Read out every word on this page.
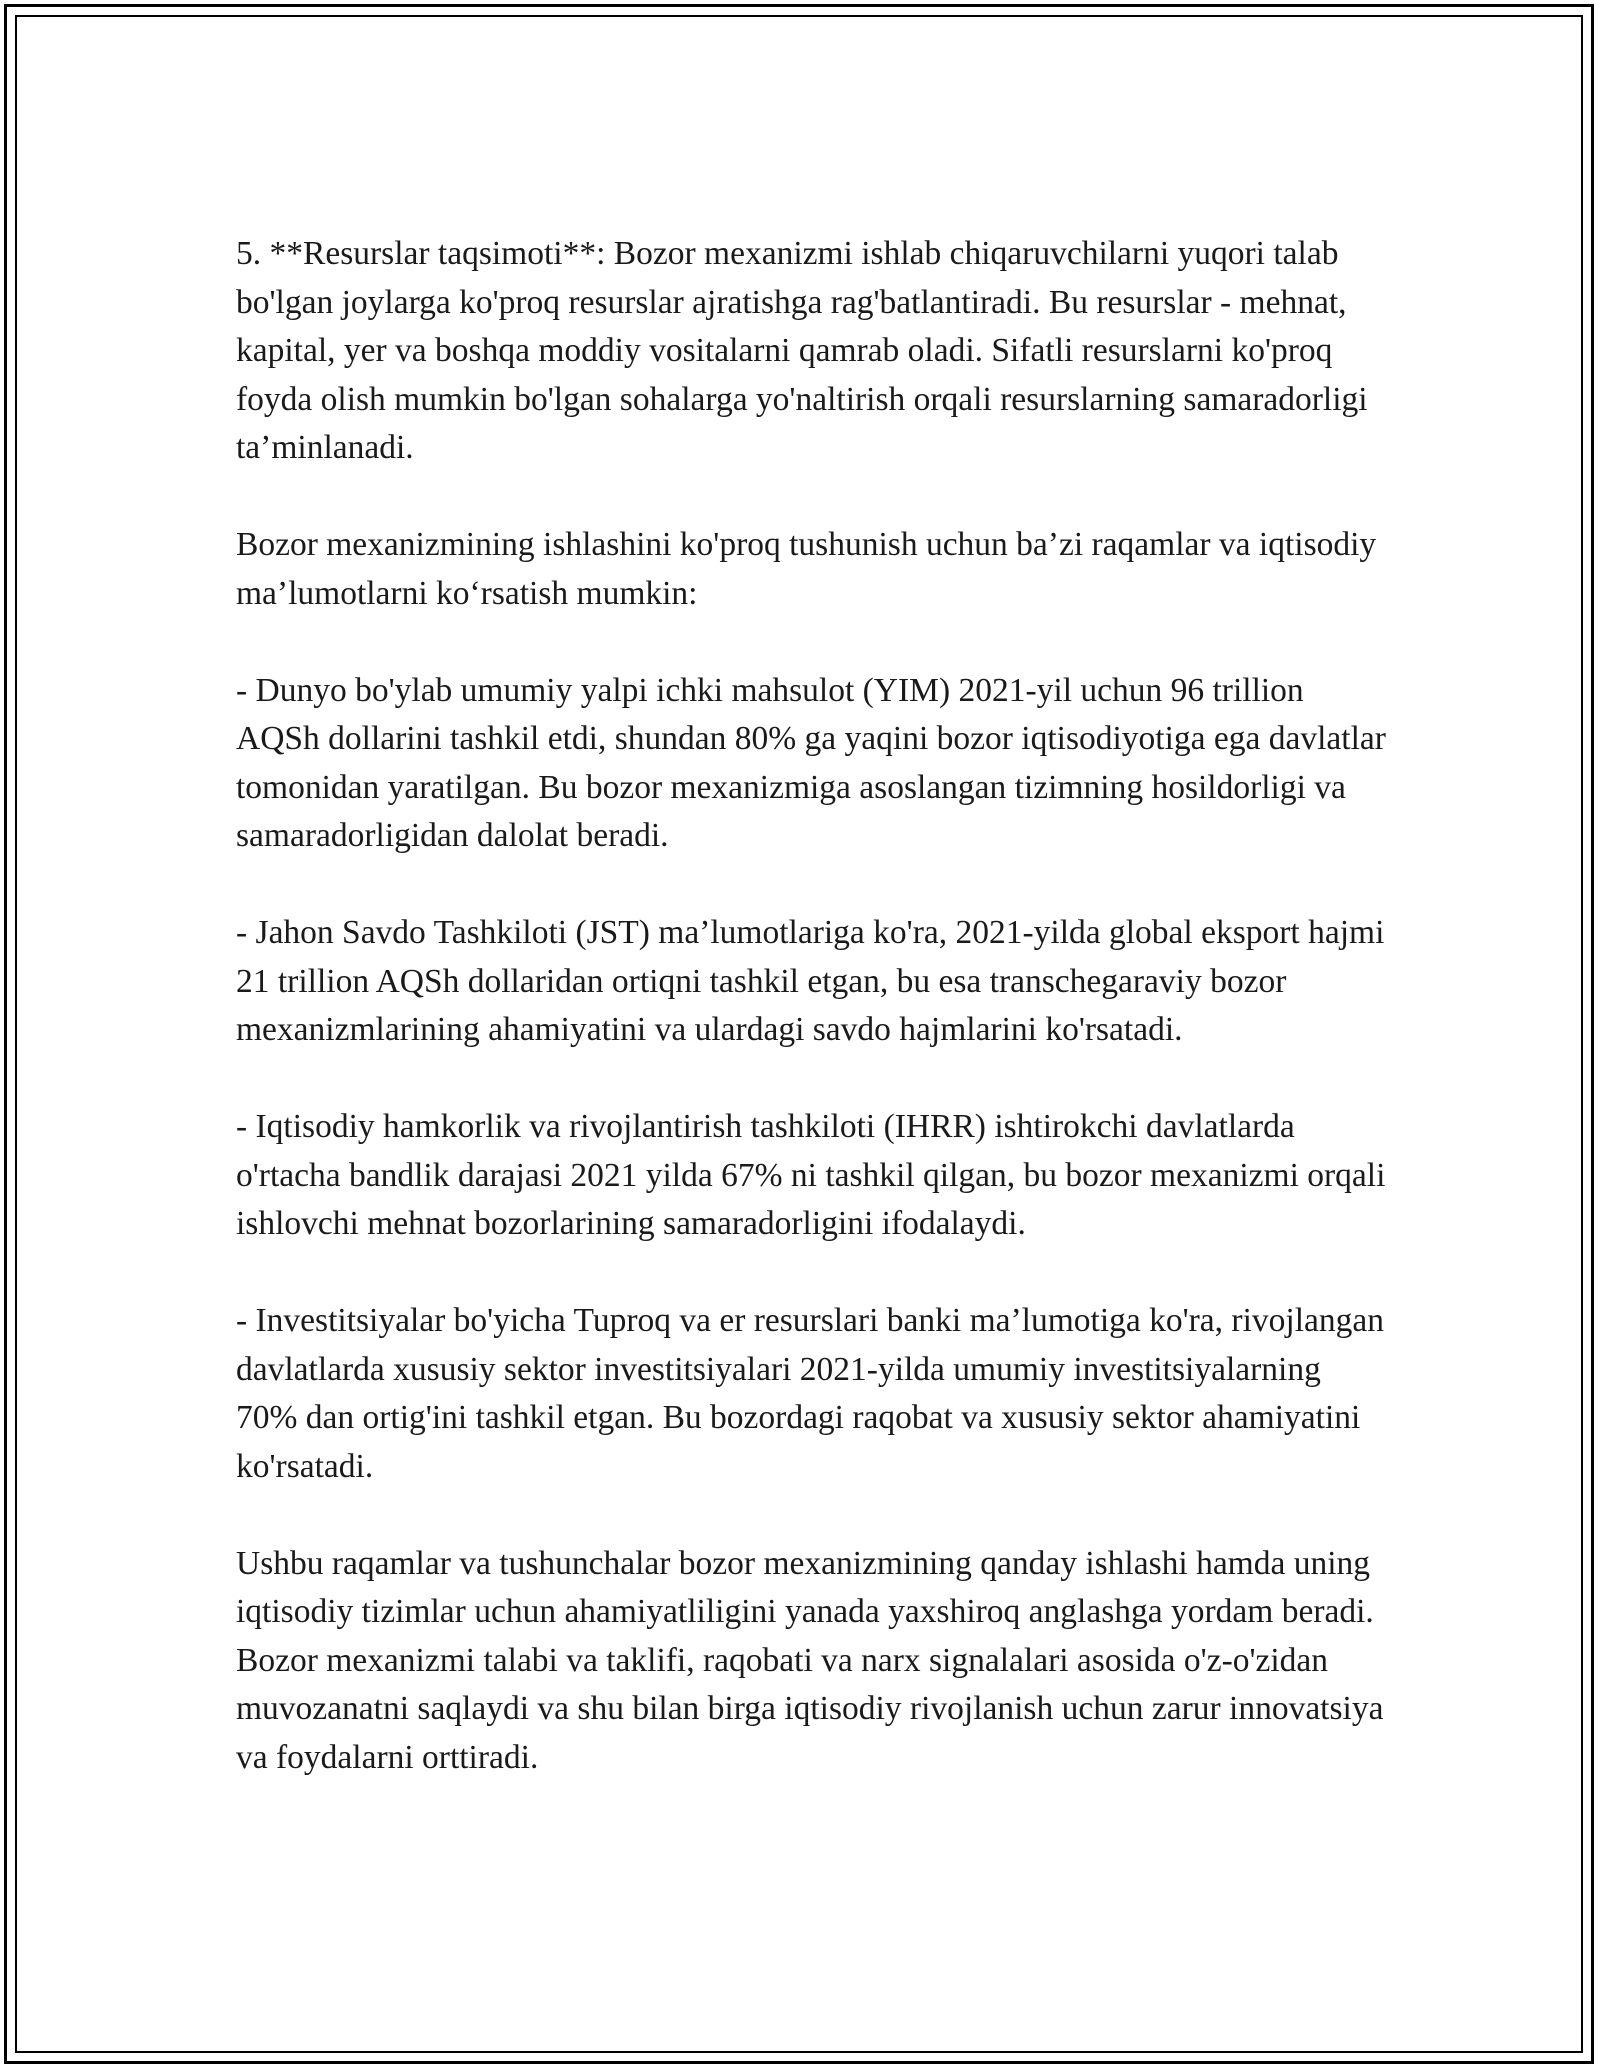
5. **Resurslar taqsimoti**: Bozor mexanizmi ishlab chiqaruvchilarni yuqori talab bo'lgan joylarga ko'proq resurslar ajratishga rag'batlantiradi. Bu resurslar - mehnat, kapital, yer va boshqa moddiy vositalarni qamrab oladi. Sifatli resurslarni ko'proq foyda olish mumkin bo'lgan sohalarga yo'naltirish orqali resurslarning samaradorligi ta’minlanadi.

Bozor mexanizmining ishlashini ko'proq tushunish uchun ba’zi raqamlar va iqtisodiy ma’lumotlarni ko‘rsatish mumkin:

- Dunyo bo'ylab umumiy yalpi ichki mahsulot (YIM) 2021-yil uchun 96 trillion AQSh dollarini tashkil etdi, shundan 80% ga yaqini bozor iqtisodiyotiga ega davlatlar tomonidan yaratilgan. Bu bozor mexanizmiga asoslangan tizimning hosildorligi va samaradorligidan dalolat beradi.

- Jahon Savdo Tashkiloti (JST) ma’lumotlariga ko'ra, 2021-yilda global eksport hajmi 21 trillion AQSh dollaridan ortiqni tashkil etgan, bu esa transchegaraviy bozor mexanizmlarining ahamiyatini va ulardagi savdo hajmlarini ko'rsatadi.

- Iqtisodiy hamkorlik va rivojlantirish tashkiloti (IHRR) ishtirokchi davlatlarda o'rtacha bandlik darajasi 2021 yilda 67% ni tashkil qilgan, bu bozor mexanizmi orqali ishlovchi mehnat bozorlarining samaradorligini ifodalaydi.

- Investitsiyalar bo'yicha Tuproq va er resurslari banki ma’lumotiga ko'ra, rivojlangan davlatlarda xususiy sektor investitsiyalari 2021-yilda umumiy investitsiyalarning 70% dan ortig'ini tashkil etgan. Bu bozordagi raqobat va xususiy sektor ahamiyatini ko'rsatadi.

Ushbu raqamlar va tushunchalar bozor mexanizmining qanday ishlashi hamda uning iqtisodiy tizimlar uchun ahamiyatliligini yanada yaxshiroq anglashga yordam beradi. Bozor mexanizmi talabi va taklifi, raqobati va narx signalalari asosida o'z-o'zidan muvozanatni saqlaydi va shu bilan birga iqtisodiy rivojlanish uchun zarur innovatsiya va foydalarni orttiradi.
